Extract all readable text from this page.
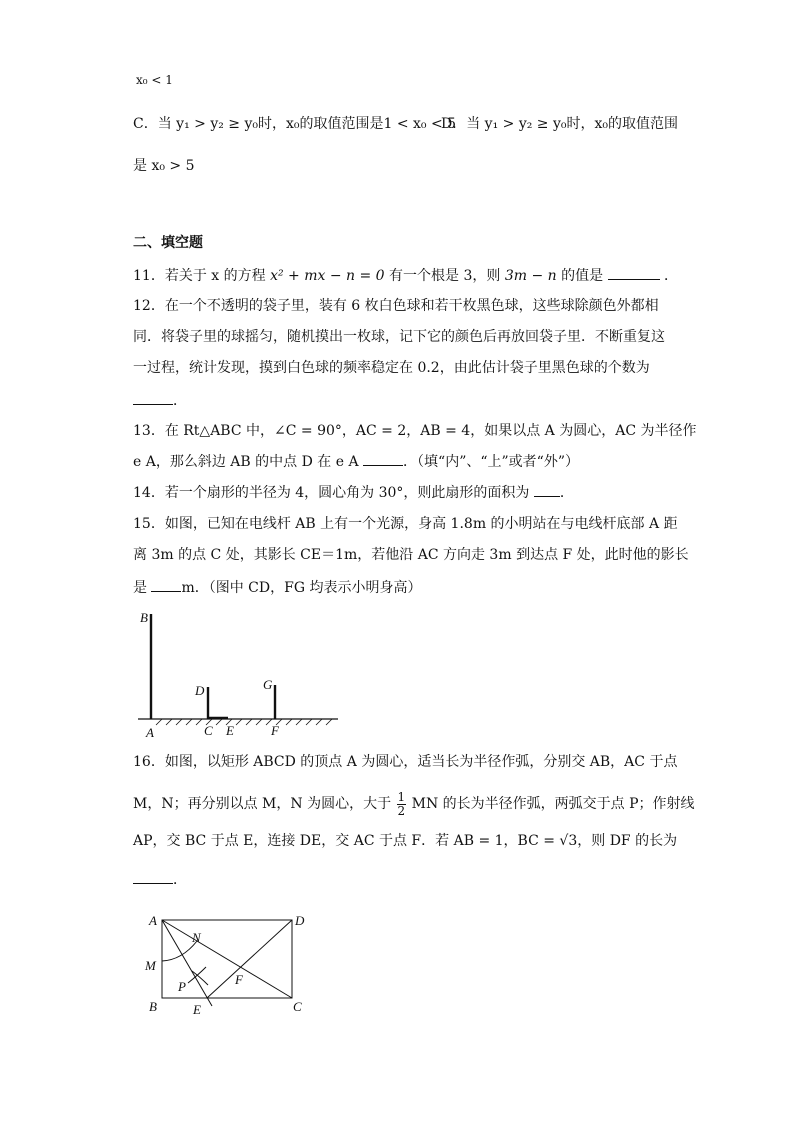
x₀ < 1
C．当 y₁ > y₂ ≥ y₀时，x₀的取值范围是1 < x₀ < 5
D．当 y₁ > y₂ ≥ y₀时，x₀的取值范围
是 x₀ > 5
二、填空题
11．若关于 x 的方程 x² + mx − n = 0 有一个根是 3，则 3m − n 的值是	．
12．在一个不透明的袋子里，装有 6 枚白色球和若干枚黑色球，这些球除颜色外都相
同．将袋子里的球摇匀，随机摸出一枚球，记下它的颜色后再放回袋子里．不断重复这
一过程，统计发现，摸到白色球的频率稳定在 0.2，由此估计袋子里黑色球的个数为
．
13．在 Rt△ABC 中，∠C = 90°，AC = 2，AB = 4，如果以点 A 为圆心，AC 为半径作
e A，那么斜边 AB 的中点 D 在 e A	．（填“内”、“上”或者“外”）
14．若一个扇形的半径为 4，圆心角为 30°，则此扇形的面积为 ．
15．如图，已知在电线杆 AB 上有一个光源，身高 1.8m 的小明站在与电线杆底部 A 距
离 3m 的点 C 处，其影长 CE＝1m，若他沿 AC 方向走 3m 到达点 F 处，此时他的影长
是 m．（图中 CD，FG 均表示小明身高）
B
D	G
A	C E	F
16．如图，以矩形 ABCD 的顶点 A 为圆心，适当长为半径作弧，分别交 AB，AC 于点
M，N；再分别以点 M，N 为圆心，大于 $\frac{1}{2}$ MN 的长为半径作弧，两弧交于点 P；作射线
AP，交 BC 于点 E，连接 DE，交 AC 于点 F．若 AB = 1，BC = √3，则 DF 的长为
．
A	D
N
M
P	F
B	E	C
